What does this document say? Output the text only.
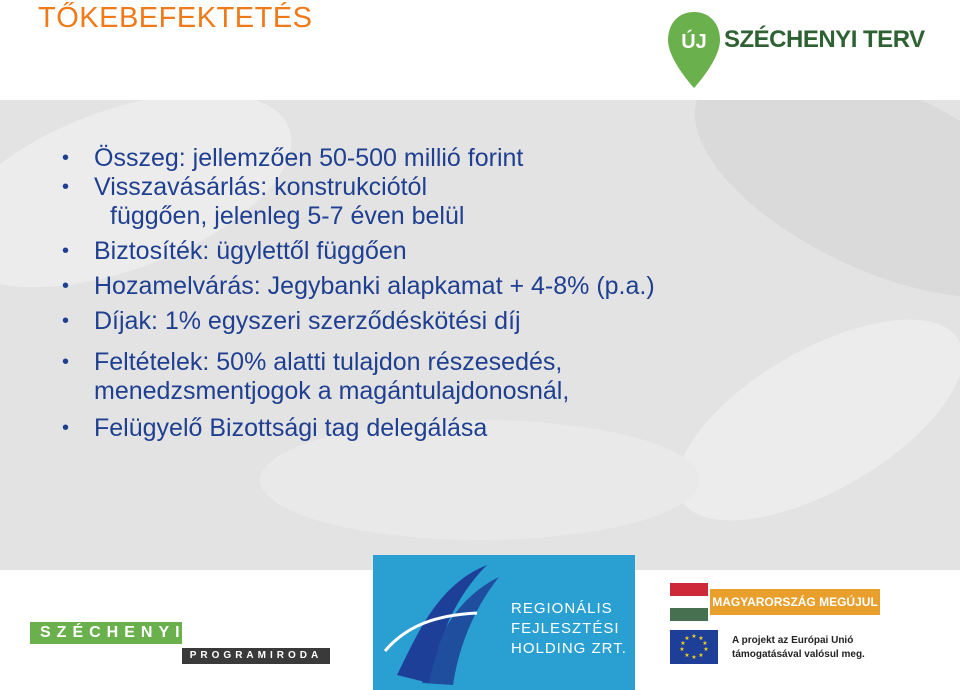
TŐKEBEFEKTETÉS
ÚJ SZÉCHENYI TERV
• Összeg: jellemzően 50-500 millió forint
• Visszavásárlás: konstrukciótól
függően, jelenleg 5-7 éven belül
• Biztosíték: ügylettől függően
• Hozamelvárás: Jegybanki alapkamat + 4-8% (p.a.)
• Díjak: 1% egyszeri szerződéskötési díj
• Feltételek: 50% alatti tulajdon részesedés,
menedzsmentjogok a magántulajdonosnál,
• Felügyelő Bizottsági tag delegálása
SZÉCHENYI
PROGRAMIRODA
REGIONÁLIS
FEJLESZTÉSI
HOLDING ZRT.
MAGYARORSZÁG MEGÚJUL
★ ★
★
★
★
★
★
★
★
★	A projekt az Európai Unió
támogatásával valósul meg.
